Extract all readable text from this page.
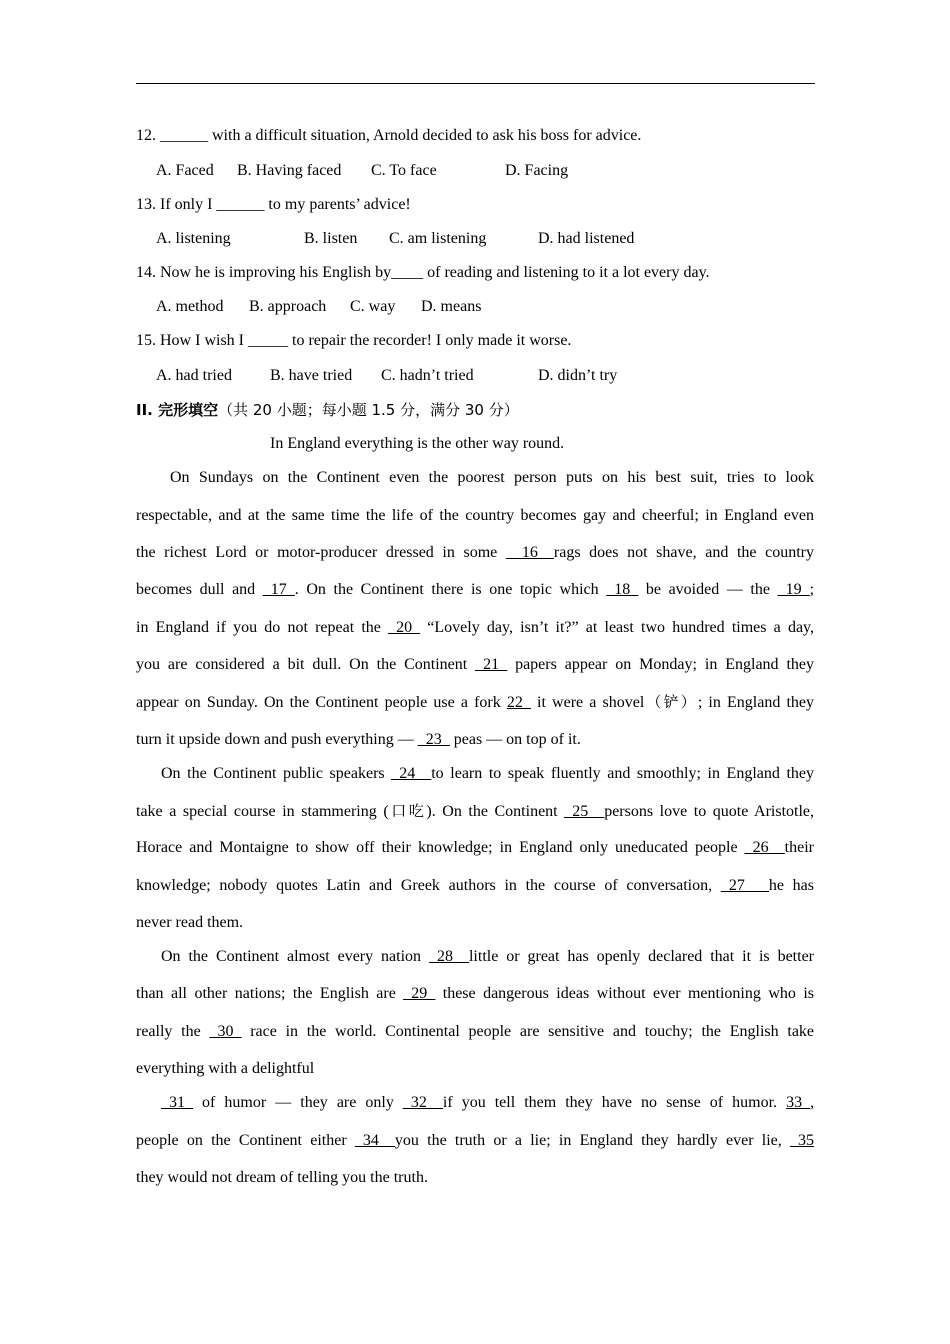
12. ______ with a difficult situation, Arnold decided to ask his boss for advice.
A. Faced B. Having faced C. To face	D. Facing
13. If only I ______ to my parents’ advice!
A. listening	B. listen C. am listening	D. had listened
14. Now he is improving his English by____ of reading and listening to it a lot every day.
A. method B. approach C. way D. means
15. How I wish I _____ to repair the recorder! I only made it worse.
A. had tried B. have tried C. hadn’t tried	D. didn’t try
II. 完形填空（共 20 小题；每小题 1.5 分，满分 30 分）
In England everything is the other way round.
On Sundays on the Continent even the poorest person puts on his best suit, tries to look
respectable, and at the same time the life of the country becomes gay and cheerful; in England even
the richest Lord or motor-producer dressed in some __16__rags does not shave, and the country
becomes dull and _17_. On the Continent there is one topic which _18_ be avoided — the _19_;
in England if you do not repeat the _20_ “Lovely day, isn’t it?” at least two hundred times a day,
you are considered a bit dull. On the Continent _21_ papers appear on Monday; in England they
appear on Sunday. On the Continent people use a fork 22_ it were a shovel（铲）; in England they
turn it upside down and push everything — _23_ peas — on top of it.
On the Continent public speakers _24__to learn to speak fluently and smoothly; in England they
take a special course in stammering (口吃). On the Continent _25__persons love to quote Aristotle,
Horace and Montaigne to show off their knowledge; in England only uneducated people _26__their
knowledge; nobody quotes Latin and Greek authors in the course of conversation, _27___he has
never read them.
On the Continent almost every nation _28__little or great has openly declared that it is better
than all other nations; the English are _29_ these dangerous ideas without ever mentioning who is
really the _30_ race in the world. Continental people are sensitive and touchy; the English take
everything with a delightful
_31_ of humor — they are only _32__if you tell them they have no sense of humor. 33_,
people on the Continent either _34__you the truth or a lie; in England they hardly ever lie, _35
they would not dream of telling you the truth.
